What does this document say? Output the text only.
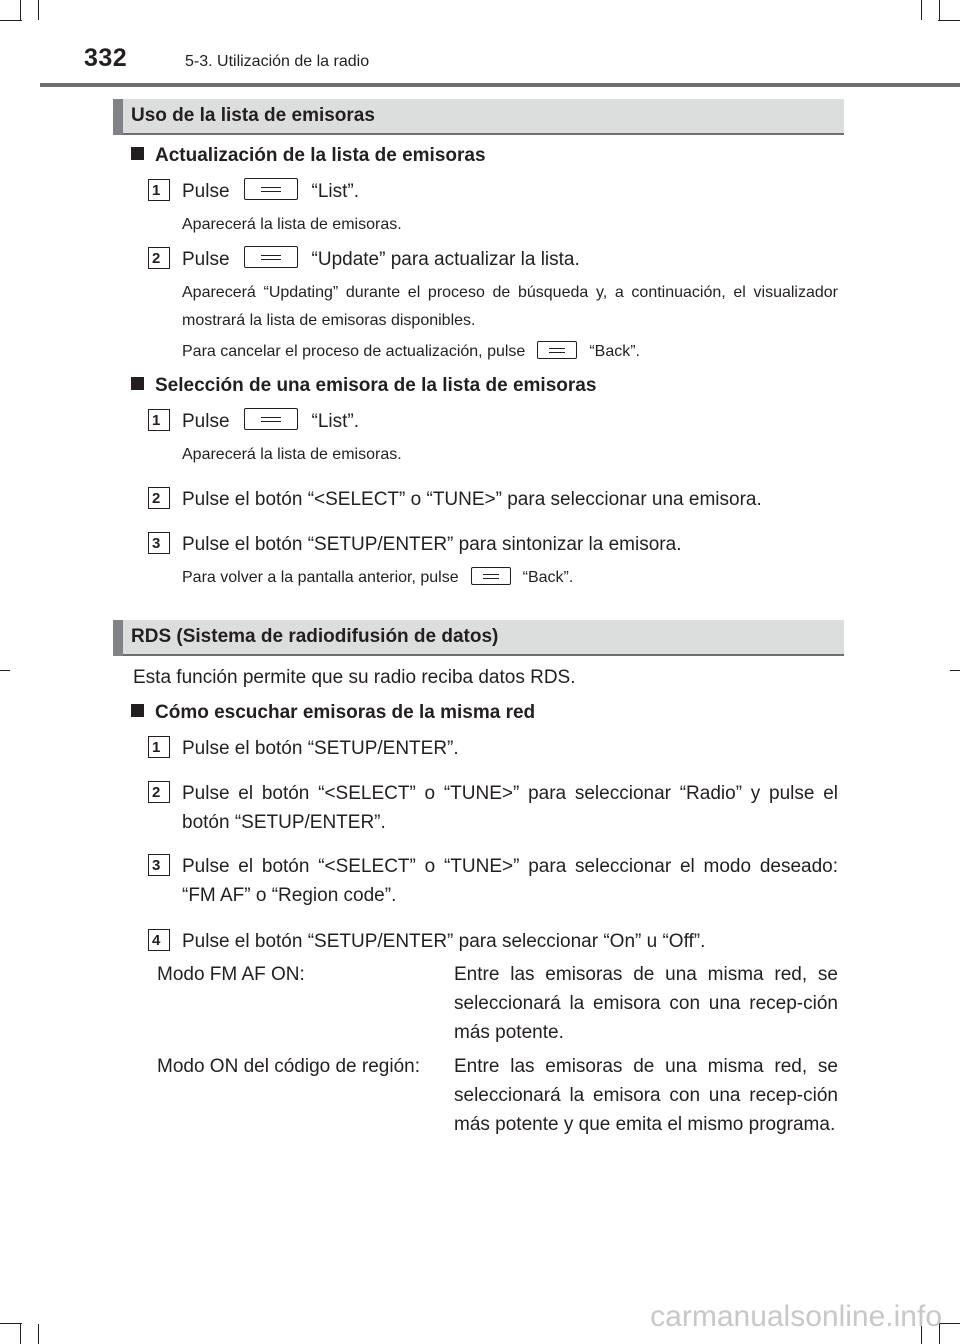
332	5-3. Utilización de la radio
Uso de la lista de emisoras
Actualización de la lista de emisoras
1	Pulse	“List”.
Aparecerá la lista de emisoras.
2	Pulse	“Update” para actualizar la lista.
Aparecerá “Updating” durante el proceso de búsqueda y, a continuación, el visualizador mostrará la lista de emisoras disponibles.
Para cancelar el proceso de actualización, pulse	“Back”.
Selección de una emisora de la lista de emisoras
1	Pulse	“List”.
Aparecerá la lista de emisoras.
2	Pulse el botón “<SELECT” o “TUNE>” para seleccionar una emisora.
3	Pulse el botón “SETUP/ENTER” para sintonizar la emisora.
Para volver a la pantalla anterior, pulse	“Back”.
RDS (Sistema de radiodifusión de datos)
Esta función permite que su radio reciba datos RDS.
Cómo escuchar emisoras de la misma red
1	Pulse el botón “SETUP/ENTER”.
2	Pulse el botón “<SELECT” o “TUNE>” para seleccionar “Radio” y pulse el botón “SETUP/ENTER”.
3	Pulse el botón “<SELECT” o “TUNE>” para seleccionar el modo deseado: “FM AF” o “Region code”.
4	Pulse el botón “SETUP/ENTER” para seleccionar “On” u “Off”.
Modo FM AF ON:	Entre las emisoras de una misma red, se seleccionará la emisora con una recep-ción más potente.
Modo ON del código de región: Entre las emisoras de una misma red, se seleccionará la emisora con una recep-ción más potente y que emita el mismo programa.
carmanualsonline.info
